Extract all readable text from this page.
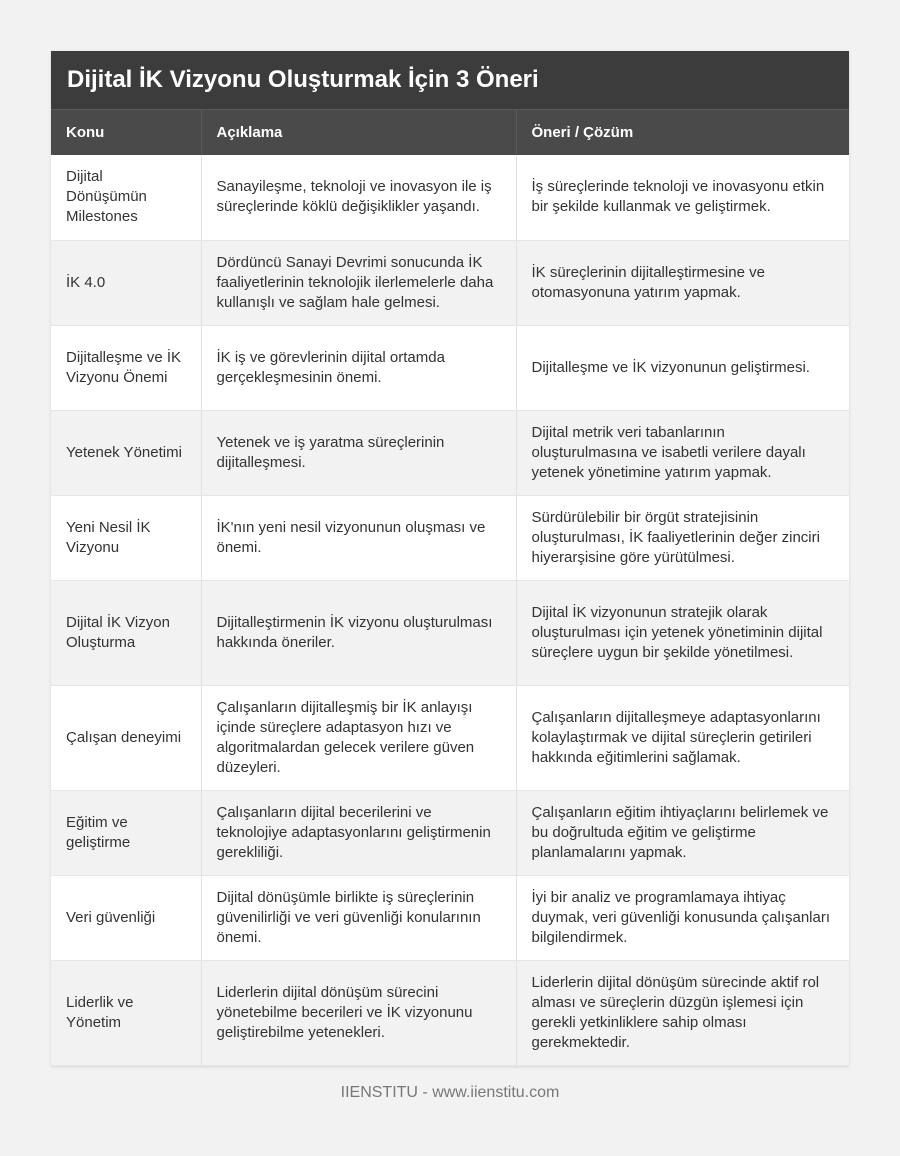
Dijital İK Vizyonu Oluşturmak İçin 3 Öneri
Konu	Açıklama	Öneri / Çözüm
Dijital Dönüşümün Milestones	Sanayileşme, teknoloji ve inovasyon ile iş süreçlerinde köklü değişiklikler yaşandı.	İş süreçlerinde teknoloji ve inovasyonu etkin bir şekilde kullanmak ve geliştirmek.
İK 4.0	Dördüncü Sanayi Devrimi sonucunda İK faaliyetlerinin teknolojik ilerlemelerle daha kullanışlı ve sağlam hale gelmesi.	İK süreçlerinin dijitalleştirmesine ve otomasyonuna yatırım yapmak.
Dijitalleşme ve İK Vizyonu Önemi	İK iş ve görevlerinin dijital ortamda gerçekleşmesinin önemi.	Dijitalleşme ve İK vizyonunun geliştirmesi.
Yetenek Yönetimi	Yetenek ve iş yaratma süreçlerinin dijitalleşmesi.	Dijital metrik veri tabanlarının oluşturulmasına ve isabetli verilere dayalı yetenek yönetimine yatırım yapmak.
Yeni Nesil İK Vizyonu	İK'nın yeni nesil vizyonunun oluşması ve önemi.	Sürdürülebilir bir örgüt stratejisinin oluşturulması, İK faaliyetlerinin değer zinciri hiyerarşisine göre yürütülmesi.
Dijital İK Vizyon Oluşturma	Dijitalleştirmenin İK vizyonu oluşturulması hakkında öneriler.	Dijital İK vizyonunun stratejik olarak oluşturulması için yetenek yönetiminin dijital süreçlere uygun bir şekilde yönetilmesi.
Çalışan deneyimi	Çalışanların dijitalleşmiş bir İK anlayışı içinde süreçlere adaptasyon hızı ve algoritmalardan gelecek verilere güven düzeyleri.	Çalışanların dijitalleşmeye adaptasyonlarını kolaylaştırmak ve dijital süreçlerin getirileri hakkında eğitimlerini sağlamak.
Eğitim ve geliştirme	Çalışanların dijital becerilerini ve teknolojiye adaptasyonlarını geliştirmenin gerekliliği.	Çalışanların eğitim ihtiyaçlarını belirlemek ve bu doğrultuda eğitim ve geliştirme planlamalarını yapmak.
Veri güvenliği	Dijital dönüşümle birlikte iş süreçlerinin güvenilirliği ve veri güvenliği konularının önemi.	İyi bir analiz ve programlamaya ihtiyaç duymak, veri güvenliği konusunda çalışanları bilgilendirmek.
Liderlik ve Yönetim	Liderlerin dijital dönüşüm sürecini yönetebilme becerileri ve İK vizyonunu geliştirebilme yetenekleri.	Liderlerin dijital dönüşüm sürecinde aktif rol alması ve süreçlerin düzgün işlemesi için gerekli yetkinliklere sahip olması gerekmektedir.
IIENSTITU - www.iienstitu.com
